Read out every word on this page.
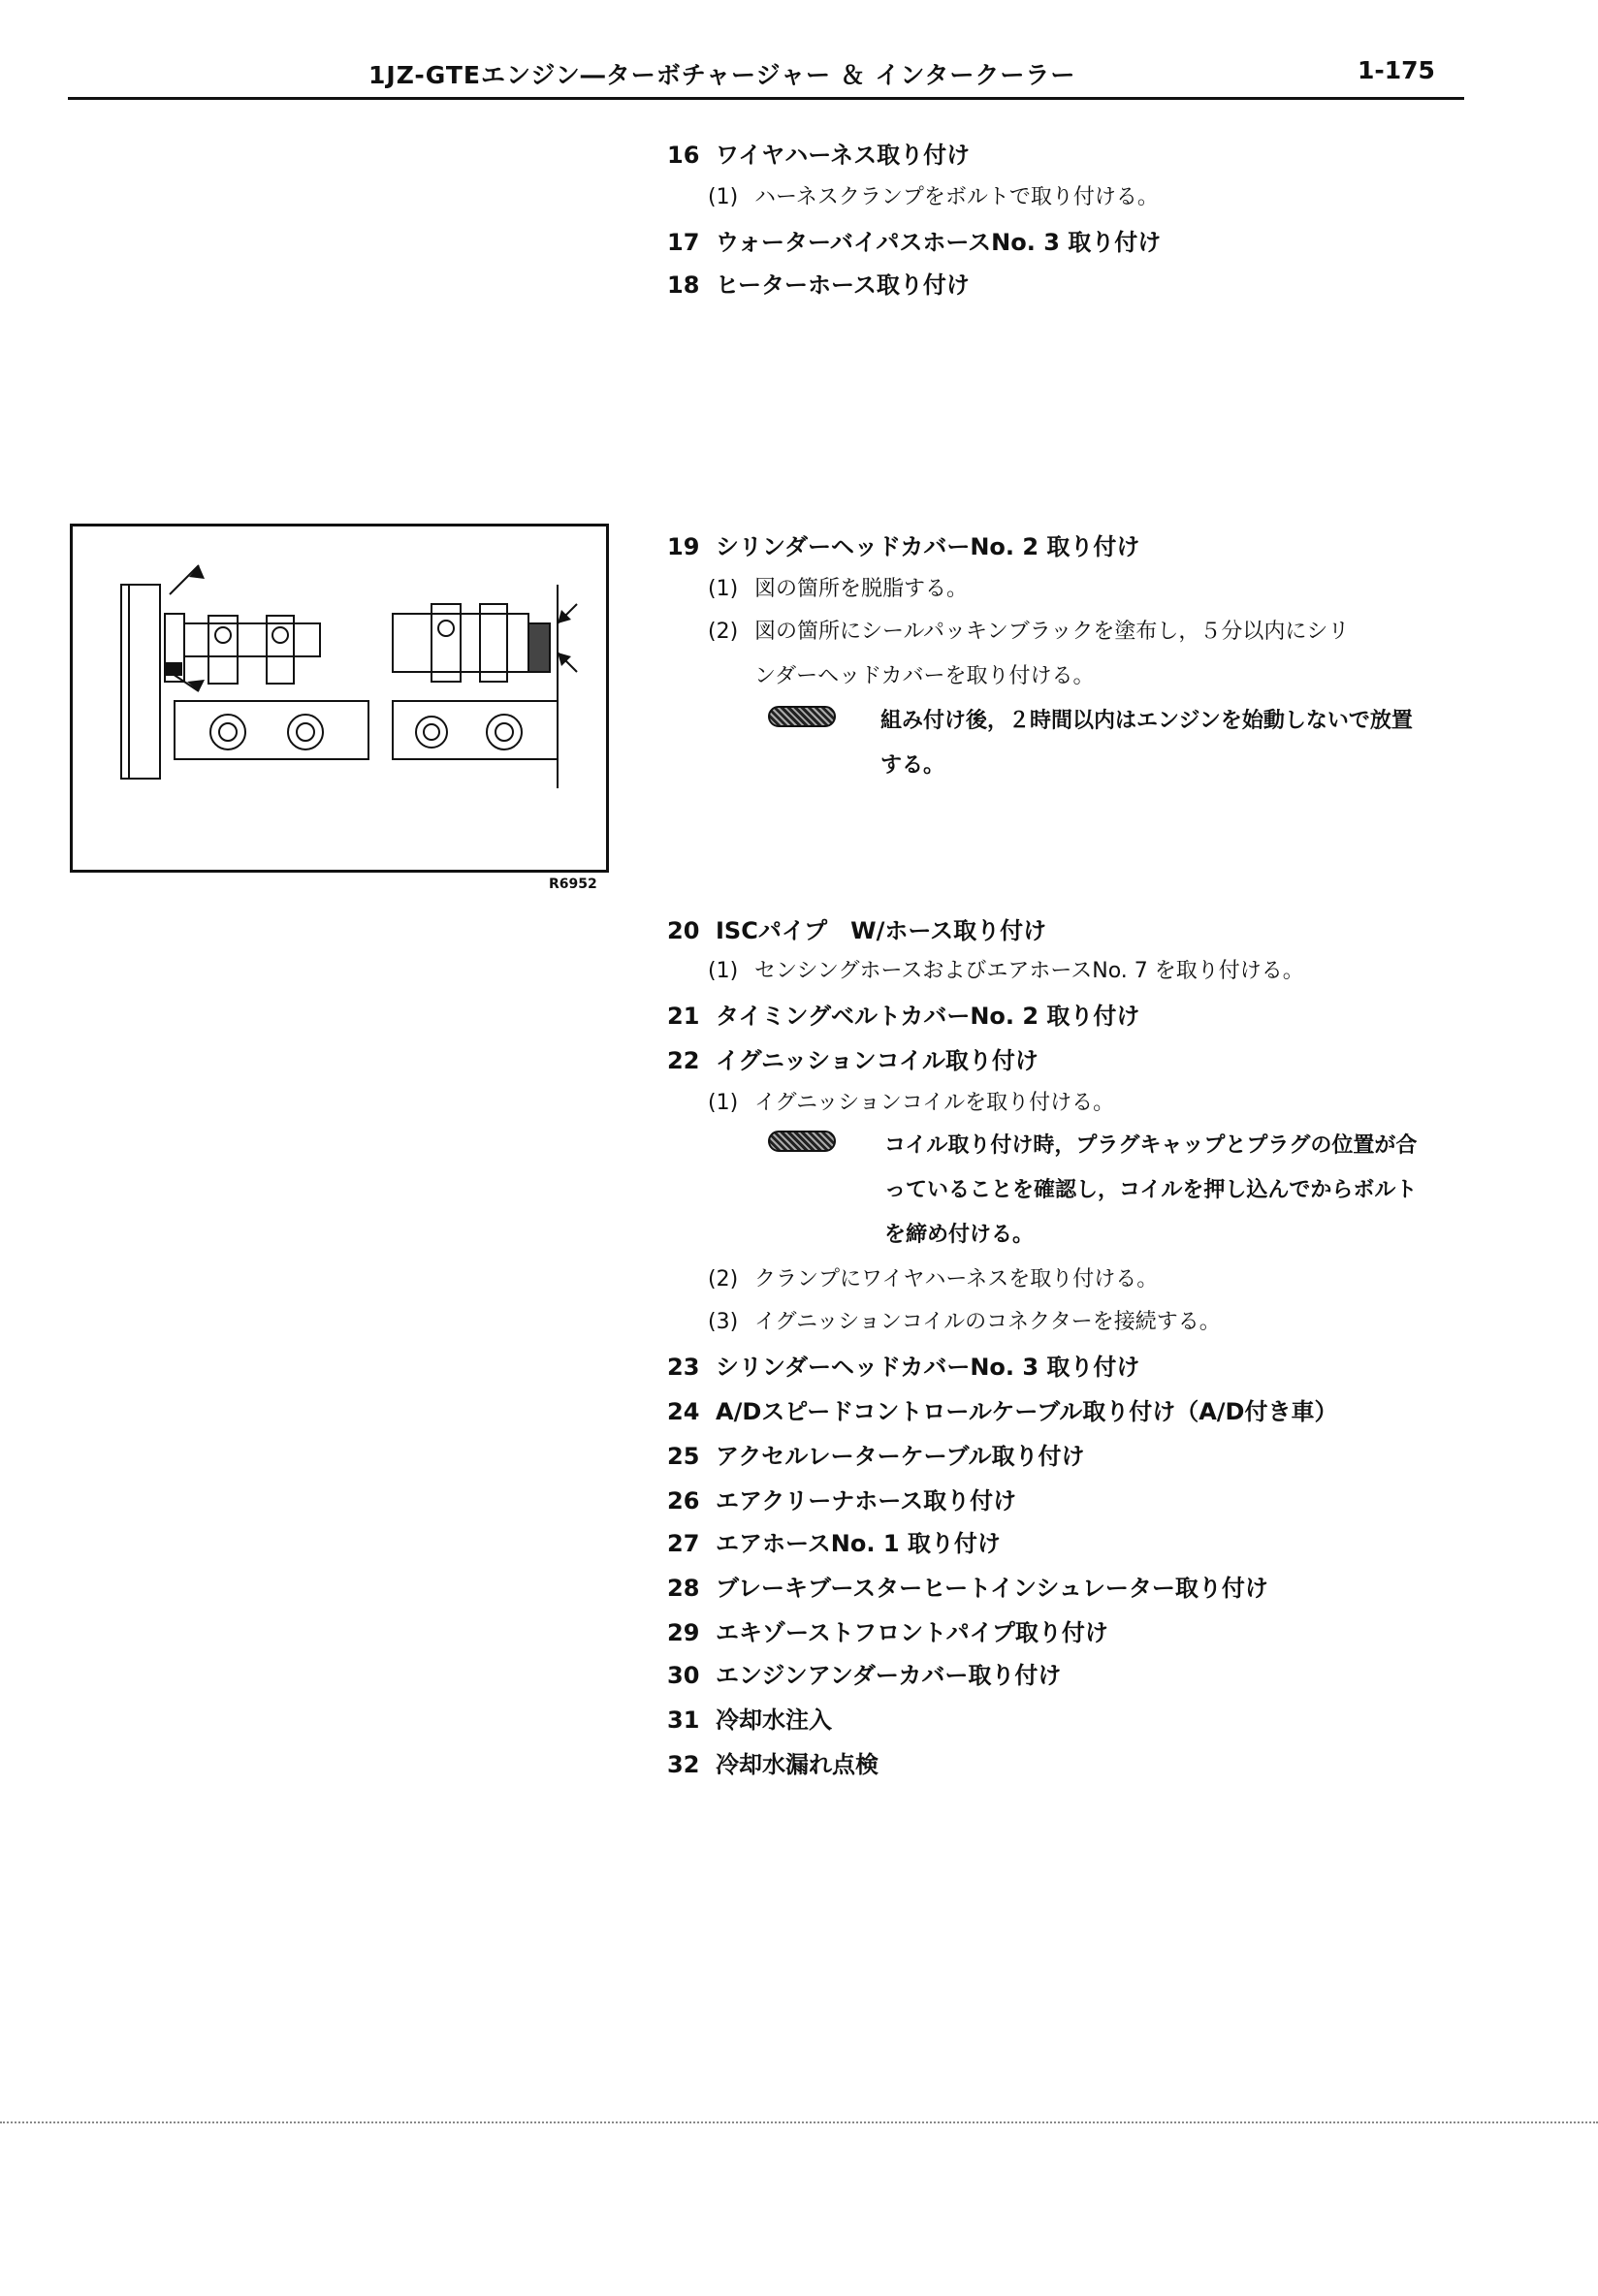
1JZ-GTEエンジン―ターボチャージャー ＆ インタークーラー	1-175
16 ワイヤハーネス取り付け
(1) ハーネスクランプをボルトで取り付ける。
17 ウォーターバイパスホースNo. 3 取り付け
18 ヒーターホース取り付け
R6952
19 シリンダーヘッドカバーNo. 2 取り付け
(1) 図の箇所を脱脂する。
(2) 図の箇所にシールパッキンブラックを塗布し，５分以内にシリ
ンダーヘッドカバーを取り付ける。
組み付け後，２時間以内はエンジンを始動しないで放置
する。
20 ISCパイプ　W/ホース取り付け
(1) センシングホースおよびエアホースNo. 7 を取り付ける。
21 タイミングベルトカバーNo. 2 取り付け
22 イグニッションコイル取り付け
(1) イグニッションコイルを取り付ける。
コイル取り付け時，プラグキャップとプラグの位置が合
っていることを確認し，コイルを押し込んでからボルト
を締め付ける。
(2) クランプにワイヤハーネスを取り付ける。
(3) イグニッションコイルのコネクターを接続する。
23 シリンダーヘッドカバーNo. 3 取り付け
24 A/Dスピードコントロールケーブル取り付け（A/D付き車）
25 アクセルレーターケーブル取り付け
26 エアクリーナホース取り付け
27 エアホースNo. 1 取り付け
28 ブレーキブースターヒートインシュレーター取り付け
29 エキゾーストフロントパイプ取り付け
30 エンジンアンダーカバー取り付け
31 冷却水注入
32 冷却水漏れ点検
